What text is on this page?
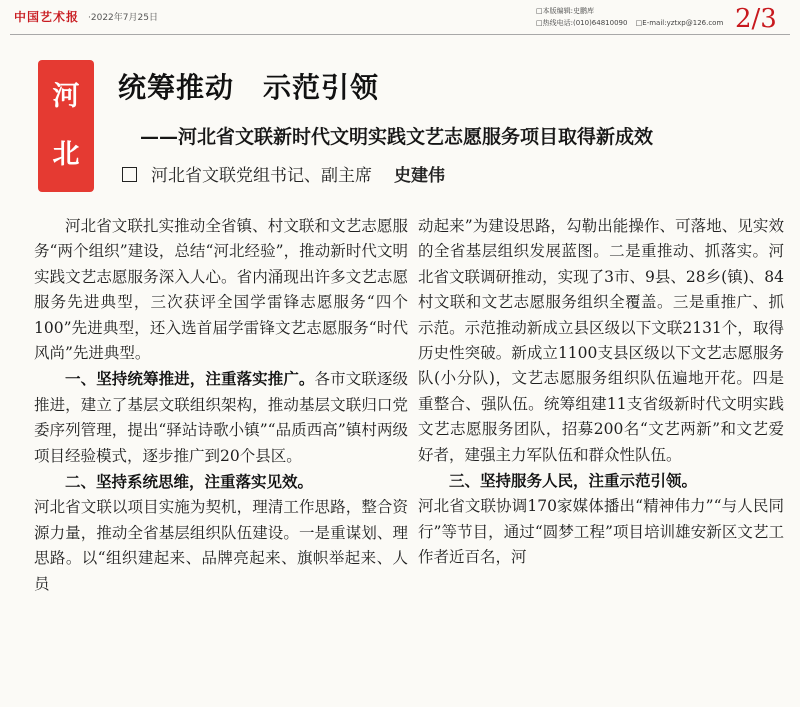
中国艺术报 ·2022年7月25日
□本版编辑:史鹏库
□热线电话:(010)64810090 □E-mail:yztxp@126.com 2/3
河
北
统筹推动　示范引领
——河北省文联新时代文明实践文艺志愿服务项目取得新成效
河北省文联党组书记、副主席 史建伟

河北省文联扎实推动全省镇、村文联和文艺志愿服务“两个组织”建设，总结“河北经验”，推动新时代文明实践文艺志愿服务深入人心。省内涌现出许多文艺志愿服务先进典型，三次获评全国学雷锋志愿服务“四个100”先进典型，还入选首届学雷锋文艺志愿服务“时代风尚”先进典型。

一、坚持统筹推进，注重落实推广。各市文联逐级推进，建立了基层文联组织架构，推动基层文联归口党委序列管理，提出“驿站诗歌小镇”“品质西高”镇村两级项目经验模式，逐步推广到20个县区。

二、坚持系统思维，注重落实见效。

河北省文联以项目实施为契机，理清工作思路，整合资源力量，推动全省基层组织队伍建设。一是重谋划、理思路。以“组织建起来、品牌亮起来、旗帜举起来、人员

动起来”为建设思路，勾勒出能操作、可落地、见实效的全省基层组织发展蓝图。二是重推动、抓落实。河北省文联调研推动，实现了3市、9县、28乡(镇)、84村文联和文艺志愿服务组织全覆盖。三是重推广、抓示范。示范推动新成立县区级以下文联2131个，取得历史性突破。新成立1100支县区级以下文艺志愿服务队(小分队)，文艺志愿服务组织队伍遍地开花。四是重整合、强队伍。统筹组建11支省级新时代文明实践文艺志愿服务团队，招募200名“文艺两新”和文艺爱好者，建强主力军队伍和群众性队伍。

三、坚持服务人民，注重示范引领。

河北省文联协调170家媒体播出“精神伟力”“与人民同行”等节目，通过“圆梦工程”项目培训雄安新区文艺工作者近百名，河
